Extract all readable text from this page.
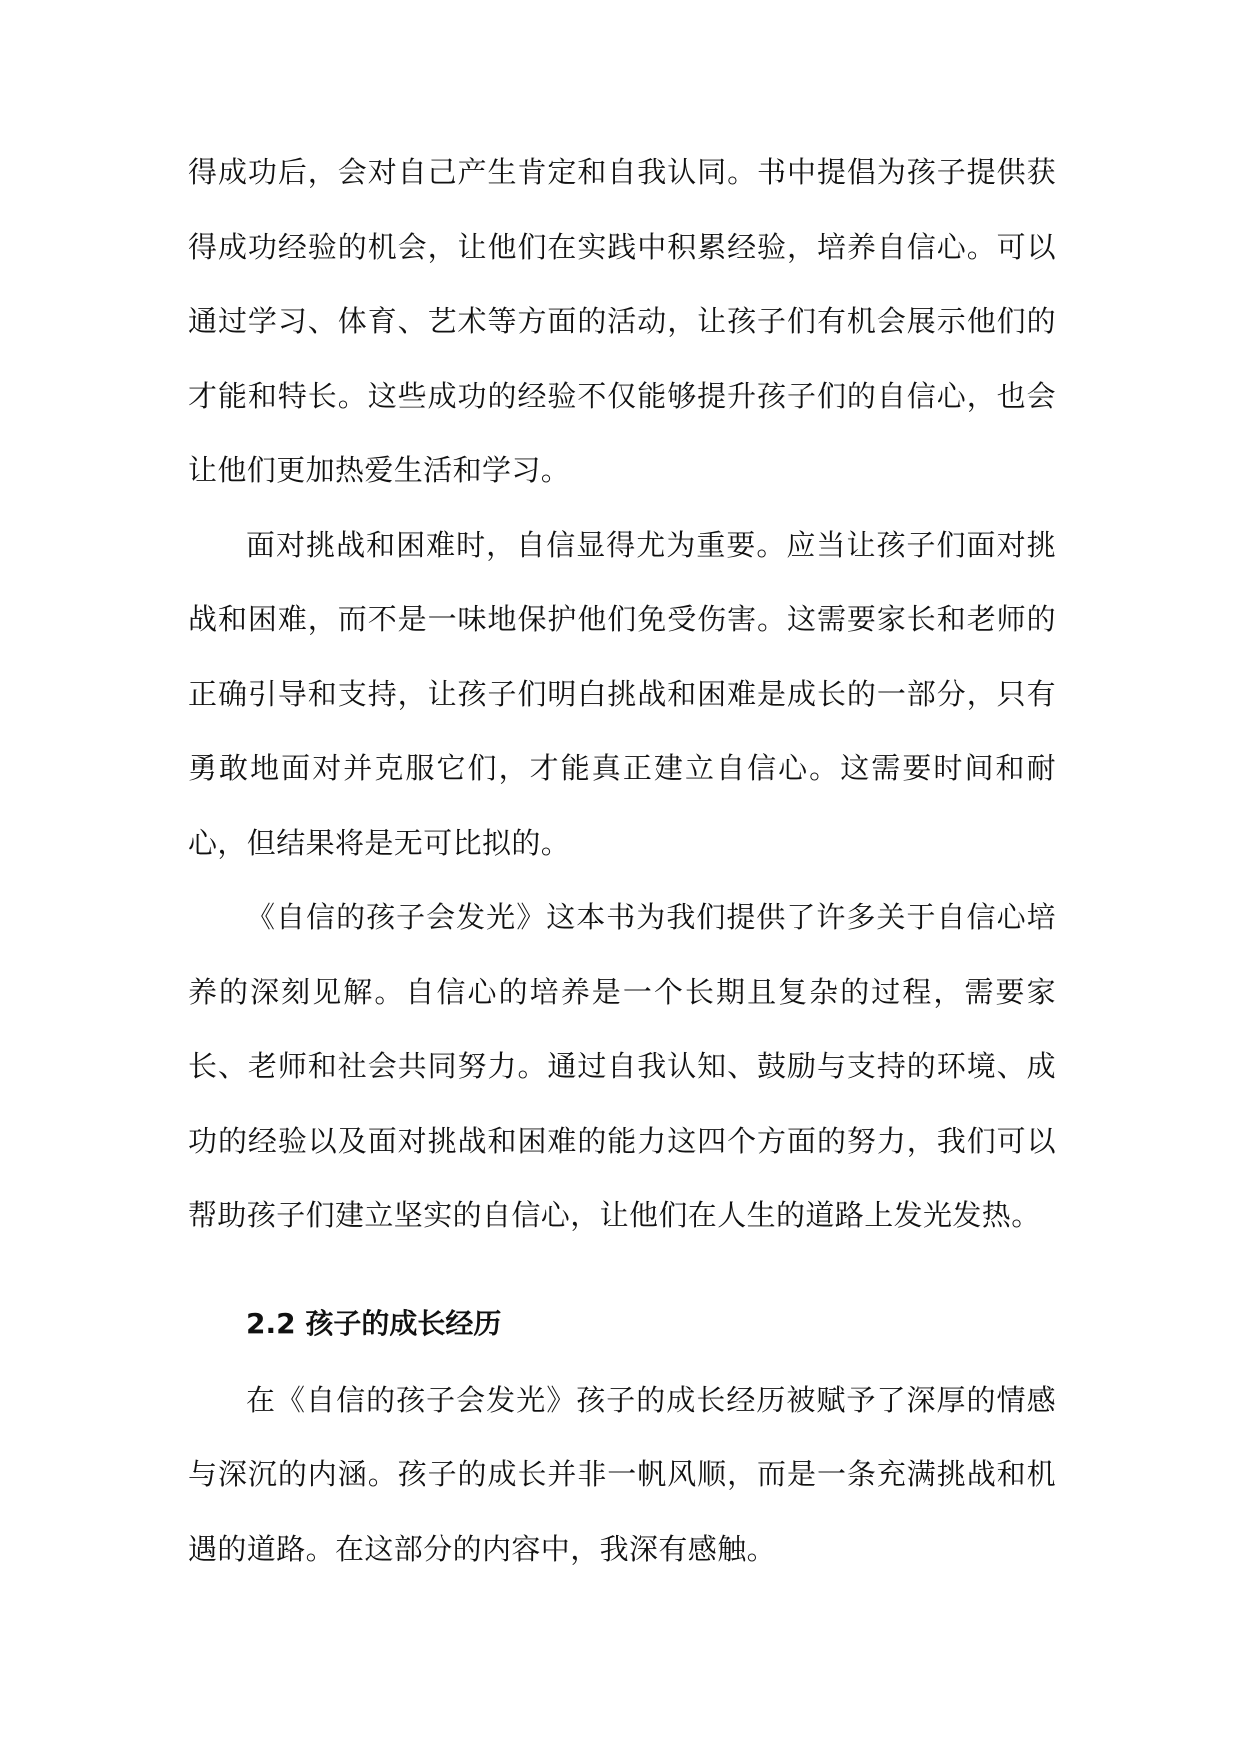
得成功后，会对自己产生肯定和自我认同。书中提倡为孩子提供获得成功经验的机会，让他们在实践中积累经验，培养自信心。可以通过学习、体育、艺术等方面的活动，让孩子们有机会展示他们的才能和特长。这些成功的经验不仅能够提升孩子们的自信心，也会让他们更加热爱生活和学习。

面对挑战和困难时，自信显得尤为重要。应当让孩子们面对挑战和困难，而不是一味地保护他们免受伤害。这需要家长和老师的正确引导和支持，让孩子们明白挑战和困难是成长的一部分，只有勇敢地面对并克服它们，才能真正建立自信心。这需要时间和耐心，但结果将是无可比拟的。

《自信的孩子会发光》这本书为我们提供了许多关于自信心培养的深刻见解。自信心的培养是一个长期且复杂的过程，需要家长、老师和社会共同努力。通过自我认知、鼓励与支持的环境、成功的经验以及面对挑战和困难的能力这四个方面的努力，我们可以帮助孩子们建立坚实的自信心，让他们在人生的道路上发光发热。

2.2 孩子的成长经历

在《自信的孩子会发光》孩子的成长经历被赋予了深厚的情感与深沉的内涵。孩子的成长并非一帆风顺，而是一条充满挑战和机遇的道路。在这部分的内容中，我深有感触。
